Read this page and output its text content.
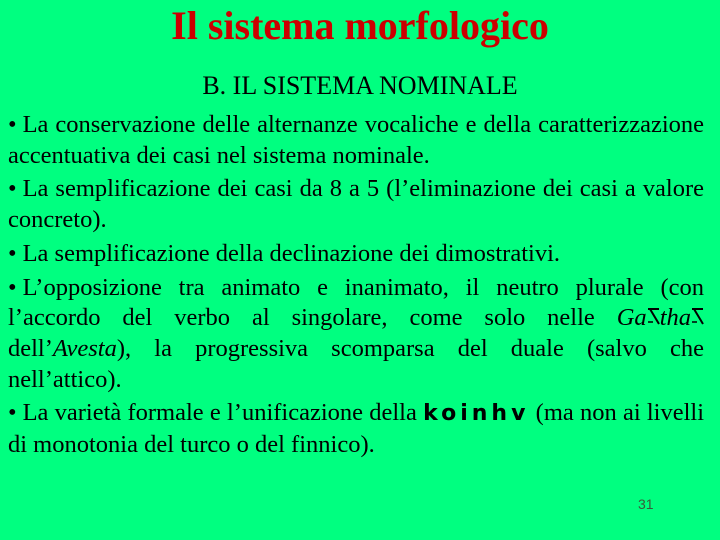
Il sistema morfologico
B. IL SISTEMA NOMINALE

• La conservazione delle alternanze vocaliche e della caratterizzazione accentuativa dei casi nel sistema nominale.

• La semplificazione dei casi da 8 a 5 (l’eliminazione dei casi a valore concreto).

• La semplificazione della declinazione dei dimostrativi.

• L’opposizione tra animato e inanimato, il neutro plurale (con l’accordo del verbo al singolare, come solo nelle Ga tha
dell’Avesta), la progressiva scomparsa del duale (salvo che nell’attico).

• La varietà formale e l’unificazione della koinhv (ma non ai livelli di monotonia del turco o del finnico).

31
